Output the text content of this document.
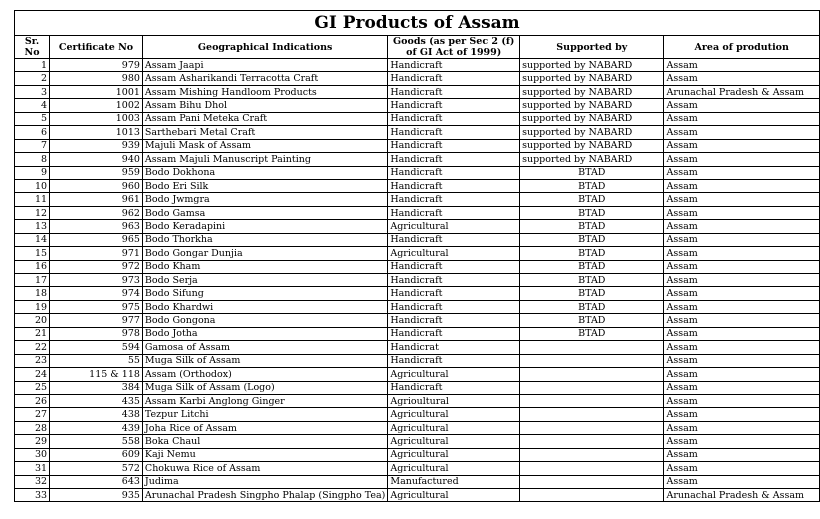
GI Products of Assam					
Sr. No	Certificate No	Geographical Indications	Goods (as per Sec 2 (f) of GI Act of 1999)	Supported by	Area of prodution
1	979	Assam Jaapi	Handicraft	supported by NABARD	Assam
2	980	Assam Asharikandi Terracotta Craft	Handicraft	supported by NABARD	Assam
3	1001	Assam Mishing Handloom Products	Handicraft	supported by NABARD	Arunachal Pradesh & Assam
4	1002	Assam Bihu Dhol	Handicraft	supported by NABARD	Assam
5	1003	Assam Pani Meteka Craft	Handicraft	supported by NABARD	Assam
6	1013	Sarthebari Metal Craft	Handicraft	supported by NABARD	Assam
7	939	Majuli Mask of Assam	Handicraft	supported by NABARD	Assam
8	940	Assam Majuli Manuscript Painting	Handicraft	supported by NABARD	Assam
9	959	Bodo Dokhona	Handicraft	BTAD	Assam
10	960	Bodo Eri Silk	Handicraft	BTAD	Assam
11	961	Bodo Jwmgra	Handicraft	BTAD	Assam
12	962	Bodo Gamsa	Handicraft	BTAD	Assam
13	963	Bodo Keradapini	Agricultural	BTAD	Assam
14	965	Bodo Thorkha	Handicraft	BTAD	Assam
15	971	Bodo Gongar Dunjia	Agricultural	BTAD	Assam
16	972	Bodo Kham	Handicraft	BTAD	Assam
17	973	Bodo Serja	Handicraft	BTAD	Assam
18	974	Bodo Sifung	Handicraft	BTAD	Assam
19	975	Bodo Khardwi	Handicraft	BTAD	Assam
20	977	Bodo Gongona	Handicraft	BTAD	Assam
21	978	Bodo Jotha	Handicraft	BTAD	Assam
22	594	Gamosa of Assam	Handicrat		Assam
23	55	Muga Silk of Assam	Handicraft		Assam
24	115 & 118	Assam (Orthodox)	Agricultural		Assam
25	384	Muga Silk of Assam (Logo)	Handicraft		Assam
26	435	Assam Karbi Anglong Ginger	Agrioultural		Assam
27	438	Tezpur Litchi	Agricultural		Assam
28	439	Joha Rice of Assam	Agricultural		Assam
29	558	Boka Chaul	Agricultural		Assam
30	609	Kaji Nemu	Agricultural		Assam
31	572	Chokuwa Rice of Assam	Agricultural		Assam
32	643	Judima	Manufactured		Assam
33	935	Arunachal Pradesh Singpho Phalap (Singpho Tea)	Agricultural		Arunachal Pradesh & Assam
